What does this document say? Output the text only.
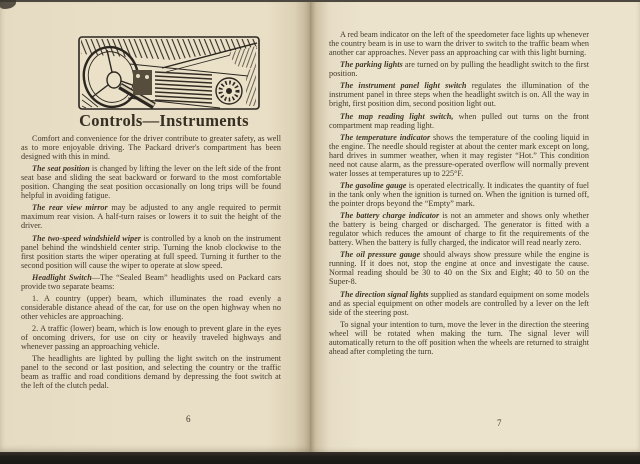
Controls—Instruments

Comfort and convenience for the driver contribute to greater safety, as well as to more enjoyable driving. The Packard driver's compartment has been designed with this in mind.

The seat position is changed by lifting the lever on the left side of the front seat base and sliding the seat backward or forward to the most comfortable position. Changing the seat position occasionally on long trips will be found helpful in avoiding fatigue.

The rear view mirror may be adjusted to any angle required to permit maximum rear vision. A half-turn raises or lowers it to suit the height of the driver.

The two-speed windshield wiper is controlled by a knob on the instrument panel behind the windshield center strip. Turning the knob clockwise to the first position starts the wiper operating at full speed. Turning it further to the second position will cause the wiper to operate at slow speed.

Headlight Switch—The “Sealed Beam” headlights used on Packard cars provide two separate beams:

1. A country (upper) beam, which illuminates the road evenly a considerable distance ahead of the car, for use on the open highway when no other vehicles are approaching.

2. A traffic (lower) beam, which is low enough to prevent glare in the eyes of oncoming drivers, for use on city or heavily traveled highways and whenever passing an approaching vehicle.

The headlights are lighted by pulling the light switch on the instrument panel to the second or last position, and selecting the country or the traffic beam as traffic and road conditions demand by depressing the foot switch at the left of the clutch pedal.

6

A red beam indicator on the left of the speedometer face lights up whenever the country beam is in use to warn the driver to switch to the traffic beam when another car approaches. Never pass an approaching car with this light burning.

The parking lights are turned on by pulling the headlight switch to the first position.

The instrument panel light switch regulates the illumination of the instrument panel in three steps when the headlight switch is on. All the way in bright, first position dim, second position light out.

The map reading light switch, when pulled out turns on the front compartment map reading light.

The temperature indicator shows the temperature of the cooling liquid in the engine. The needle should register at about the center mark except on long, hard drives in summer weather, when it may register “Hot.” This condition need not cause alarm, as the pressure-operated overflow will normally prevent water losses at temperatures up to 225°F.

The gasoline gauge is operated electrically. It indicates the quantity of fuel in the tank only when the ignition is turned on. When the ignition is turned off, the pointer drops beyond the “Empty” mark.

The battery charge indicator is not an ammeter and shows only whether the battery is being charged or discharged. The generator is fitted with a regulator which reduces the amount of charge to fit the requirements of the battery. When the battery is fully charged, the indicator will read nearly zero.

The oil pressure gauge should always show pressure while the engine is running. If it does not, stop the engine at once and investigate the cause. Normal reading should be 30 to 40 on the Six and Eight; 40 to 50 on the Super-8.

The direction signal lights supplied as standard equipment on some models and as special equipment on other models are controlled by a lever on the left side of the steering post.

To signal your intention to turn, move the lever in the direction the steering wheel will be rotated when making the turn. The signal lever will automatically return to the off position when the wheels are returned to straight ahead after completing the turn.

7
